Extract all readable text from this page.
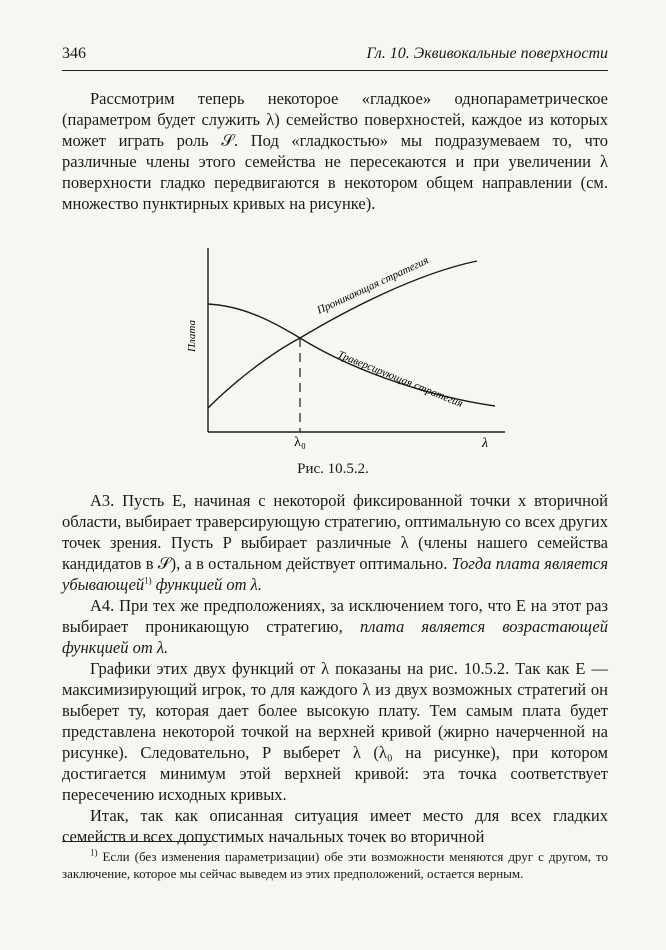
346	Гл. 10. Эквивокальные поверхности

Рассмотрим теперь некоторое «гладкое» однопараметрическое (параметром будет служить λ) семейство поверхностей, каждое из которых может играть роль 𝒮. Под «гладкостью» мы подразумеваем то, что различные члены этого семейства не пересекаются и при увеличении λ поверхности гладко передвигаются в некотором общем направлении (см. множество пунктирных кривых на рисунке).

Плата
λ
λ₀
Проникающая стратегия
Траверсирующая стратегия
Рис. 10.5.2.

А3. Пусть E, начиная с некоторой фиксированной точки x вторичной области, выбирает траверсирующую стратегию, оптимальную со всех других точек зрения. Пусть P выбирает различные λ (члены нашего семейства кандидатов в 𝒮), а в остальном действует оптимально. Тогда плата является убывающей$^{1)}$ функцией от λ.

А4. При тех же предположениях, за исключением того, что E на этот раз выбирает проникающую стратегию, плата является возрастающей функцией от λ.

Графики этих двух функций от λ показаны на рис. 10.5.2. Так как E — максимизирующий игрок, то для каждого λ из двух возможных стратегий он выберет ту, которая дает более высокую плату. Тем самым плата будет представлена некоторой точкой на верхней кривой (жирно начерченной на рисунке). Следовательно, P выберет λ (λ₀ на рисунке), при котором достигается минимум этой верхней кривой: эта точка соответствует пересечению исходных кривых.

Итак, так как описанная ситуация имеет место для всех гладких семейств и всех допустимых начальных точек во вторичной

$^{1)}$ Если (без изменения параметризации) обе эти возможности меняются друг с другом, то заключение, которое мы сейчас выведем из этих предположений, остается верным.
